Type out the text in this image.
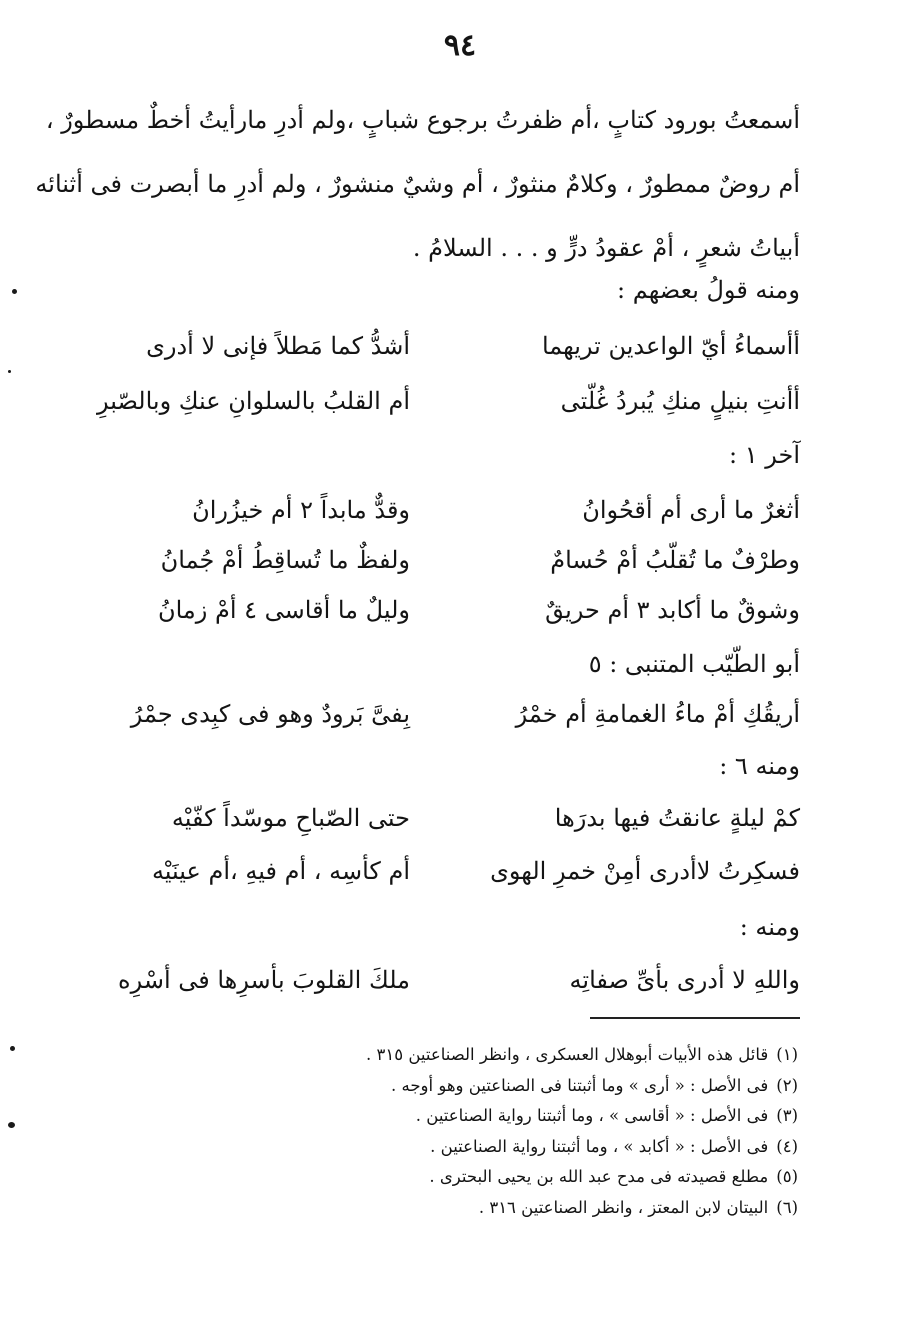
٩٤
أسمعتُ بورود كتابٍ ،أم ظفرتُ برجوع شبابٍ ،ولم أدرِ مارأيتُ أخطٌ مسطورٌ ،
أم روضٌ ممطورٌ ، وكلامٌ منثورٌ ، أم وشيٌ منشورٌ ، ولم أدرِ ما أبصرت فى أثنائه
أبياتُ شعرٍ ، أمْ عقودُ درٍّ و . . . السلامُ .
ومنه قولُ بعضهم :
أأسماءُ أيّ الواعدين تريهما
أشدُّ كما مَطلاً فإنى لا أدرى
أأنتِ بنيلٍ منكِ يُبردُ غُلّتى
أم القلبُ بالسلوانِ عنكِ وبالصّبرِ
آخر ١ :
أثغرٌ ما أرى أم أقحُوانُ
وقدٌّ مابداً ٢ أم خيزُرانُ
وطرْفٌ ما تُقلّبُ أمْ حُسامٌ
ولفظٌ ما تُساقِطُ أمْ جُمانُ
وشوقٌ ما أكابد ٣ أم حريقٌ
وليلٌ ما أقاسى ٤ أمْ زمانُ
أبو الطّيّب المتنبى : ٥
أريقُكِ أمْ ماءُ الغمامةِ أم خمْرُ
بِفىَّ بَرودٌ وهو فى كبِدى جمْرُ
ومنه ٦ :
كمْ ليلةٍ عانقتُ فيها بدرَها
حتى الصّباحِ موسّداً كفّيْه
فسكِرتُ لاأدرى أمِنْ خمرِ الهوى
أم كأسِه ، أم فيهِ ،أم عينَيْه
ومنه :
واللهِ لا أدرى بأىِّ صفاتِه
ملكَ القلوبَ بأسرِها فى أسْرِه
(١)قائل هذه الأبيات أبوهلال العسكرى ، وانظر الصناعتين ٣١٥ .
(٢)فى الأصل : « أرى » وما أثبتنا فى الصناعتين وهو أوجه .
(٣)فى الأصل : « أقاسى » ، وما أثبتنا رواية الصناعتين .
(٤)فى الأصل : « أكابد » ، وما أثبتنا رواية الصناعتين .
(٥)مطلع قصيدته فى مدح عبد الله بن يحيى البحترى .
(٦)البيتان لابن المعتز ، وانظر الصناعتين ٣١٦ .
